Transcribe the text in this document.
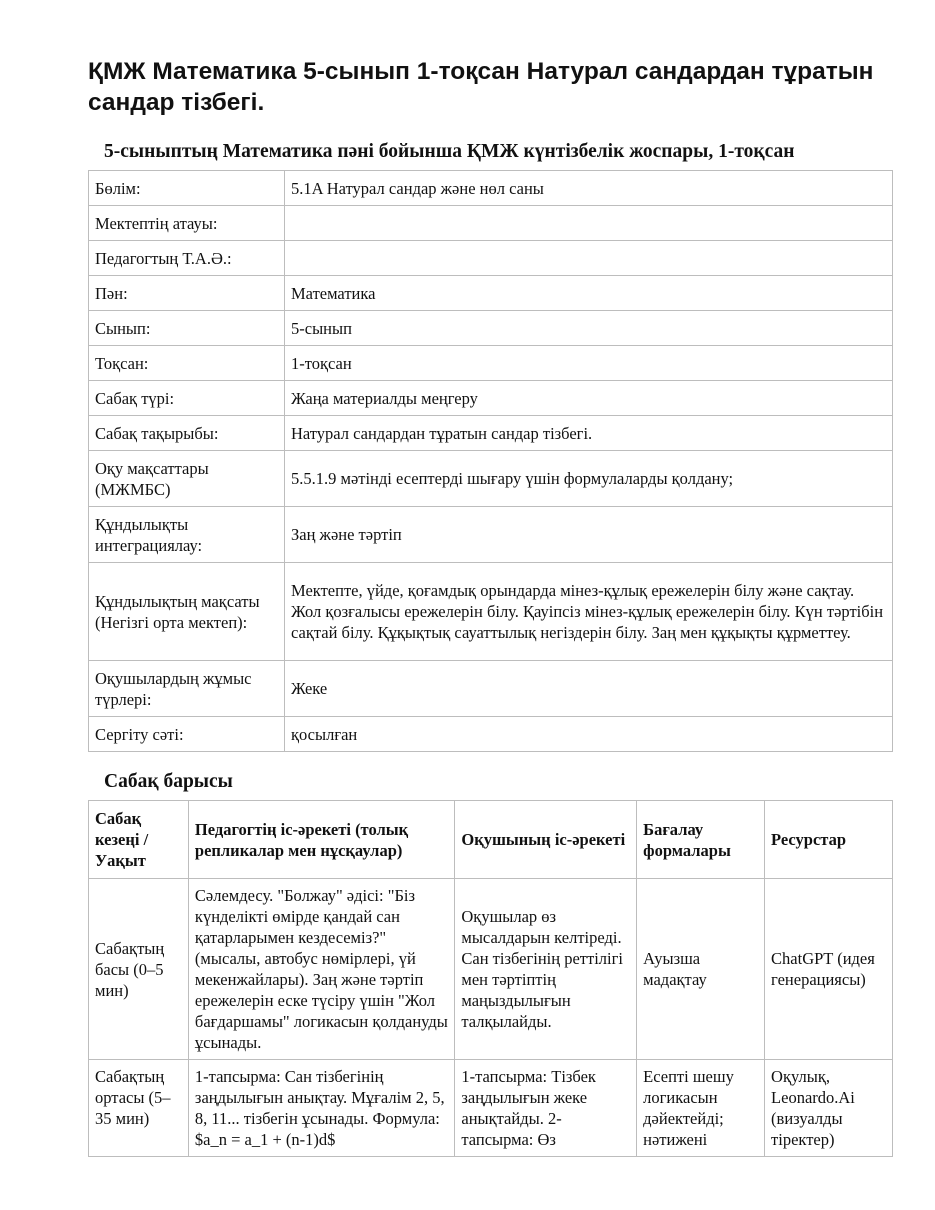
ҚМЖ Математика 5-сынып 1-тоқсан Натурал сандардан тұратын сандар тізбегі.
5-сыныптың Математика пәні бойынша ҚМЖ күнтізбелік жоспары, 1-тоқсан
Бөлім:	5.1A Натурал сандар және нөл саны
Мектептің атауы:	
Педагогтың Т.А.Ә.:	
Пән:	Математика
Сынып:	5-сынып
Тоқсан:	1-тоқсан
Сабақ түрі:	Жаңа материалды меңгеру
Сабақ тақырыбы:	Натурал сандардан тұратын сандар тізбегі.
Оқу мақсаттары (МЖМБС)	5.5.1.9 мәтінді есептерді шығару үшін формулаларды қолдану;
Құндылықты интеграциялау:	Заң және тәртіп
Құндылықтың мақсаты (Негізгі орта мектеп):	Мектепте, үйде, қоғамдық орындарда мінез-құлық ережелерін білу және сақтау. Жол қозғалысы ережелерін білу. Қауіпсіз мінез-құлық ережелерін білу. Күн тәртібін сақтай білу. Құқықтық сауаттылық негіздерін білу. Заң мен құқықты құрметтеу.
Оқушылардың жұмыс түрлері:	Жеке
Сергіту сәті:	қосылған
Сабақ барысы
Сабақ кезеңі / Уақыт	Педагогтің іс-әрекеті (толық репликалар мен нұсқаулар)	Оқушының іс-әрекеті	Бағалау формалары	Ресурстар
Сабақтың басы (0–5 мин)	Сәлемдесу. "Болжау" әдісі: "Біз күнделікті өмірде қандай сан қатарларымен кездесеміз?" (мысалы, автобус нөмірлері, үй мекенжайлары). Заң және тәртіп ережелерін еске түсіру үшін "Жол бағдаршамы" логикасын қолдануды ұсынады.	Оқушылар өз мысалдарын келтіреді. Сан тізбегінің реттілігі мен тәртіптің маңыздылығын талқылайды.	Ауызша мадақтау	ChatGPT (идея генерациясы)
Сабақтың ортасы (5–35 мин)	1-тапсырма: Сан тізбегінің заңдылығын анықтау. Мұғалім 2, 5, 8, 11... тізбегін ұсынады. Формула: $a_n = a_1 + (n-1)d$	1-тапсырма: Тізбек заңдылығын жеке анықтайды. 2-тапсырма: Өз	Есепті шешу логикасын дәйектейді; нәтижені	Оқулық, Leonardo.Ai (визуалды тіректер)
